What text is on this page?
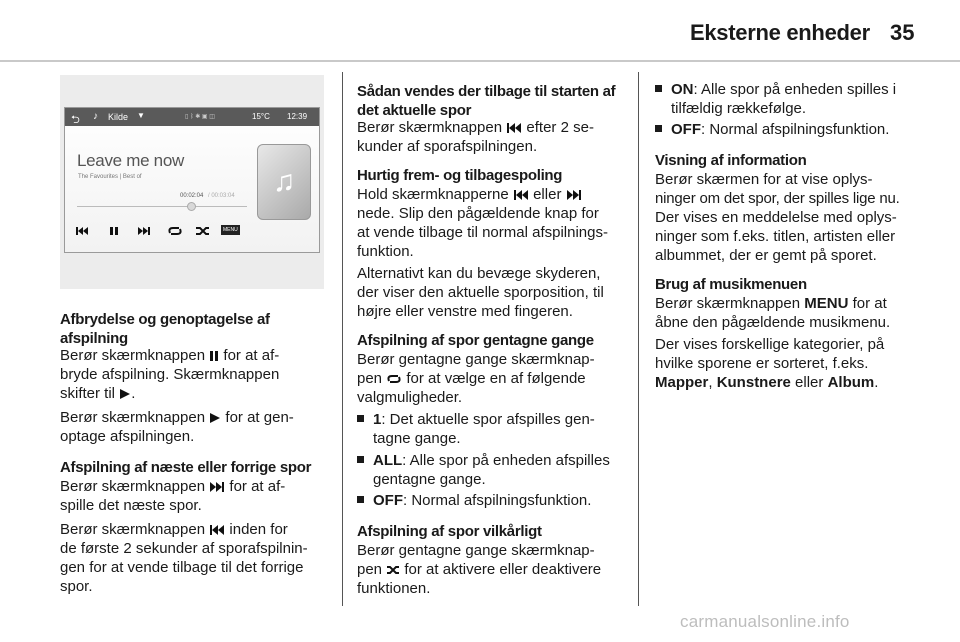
Eksterne enheder 35
⮌ ♪ Kilde ▼	▯ ᛒ ✱ ▣ ◫	15°C 12:39
Leave me now
The Favourites | Best of
00:02:04 / 00:03:04
MENU
♫

Afbrydelse og genoptagelse af afspilning

Berør skærmknappen for at af-

bryde afspilning. Skærmknappen

skifter til .

Berør skærmknappen for at gen-

optage afspilningen.

Afspilning af næste eller forrige spor

Berør skærmknappen for at af-

spille det næste spor.

Berør skærmknappen inden for

de første 2 sekunder af sporafspilnin-

gen for at vende tilbage til det forrige

spor.

Sådan vendes der tilbage til starten af det aktuelle spor

Berør skærmknappen efter 2 se-

kunder af sporafspilningen.

Hurtig frem- og tilbagespoling

Hold skærmknapperne eller

nede. Slip den pågældende knap for

at vende tilbage til normal afspilnings-

funktion.

Alternativt kan du bevæge skyderen,

der viser den aktuelle sporposition, til

højre eller venstre med fingeren.

Afspilning af spor gentagne gange

Berør gentagne gange skærmknap-

pen for at vælge en af følgende

valgmuligheder.

1: Det aktuelle spor afspilles gen-
tagne gange.
ALL: Alle spor på enheden afspilles
gentagne gange.
OFF: Normal afspilningsfunktion.

Afspilning af spor vilkårligt

Berør gentagne gange skærmknap-

pen for at aktivere eller deaktivere

funktionen.

ON: Alle spor på enheden spilles i
tilfældig rækkefølge.
OFF: Normal afspilningsfunktion.

Visning af information

Berør skærmen for at vise oplys-

ninger om det spor, der spilles lige nu.

Der vises en meddelelse med oplys-

ninger som f.eks. titlen, artisten eller

albummet, der er gemt på sporet.

Brug af musikmenuen

Berør skærmknappen MENU for at

åbne den pågældende musikmenu.

Der vises forskellige kategorier, på

hvilke sporene er sorteret, f.eks.

Mapper, Kunstnere eller Album.

carmanualsonline.info
